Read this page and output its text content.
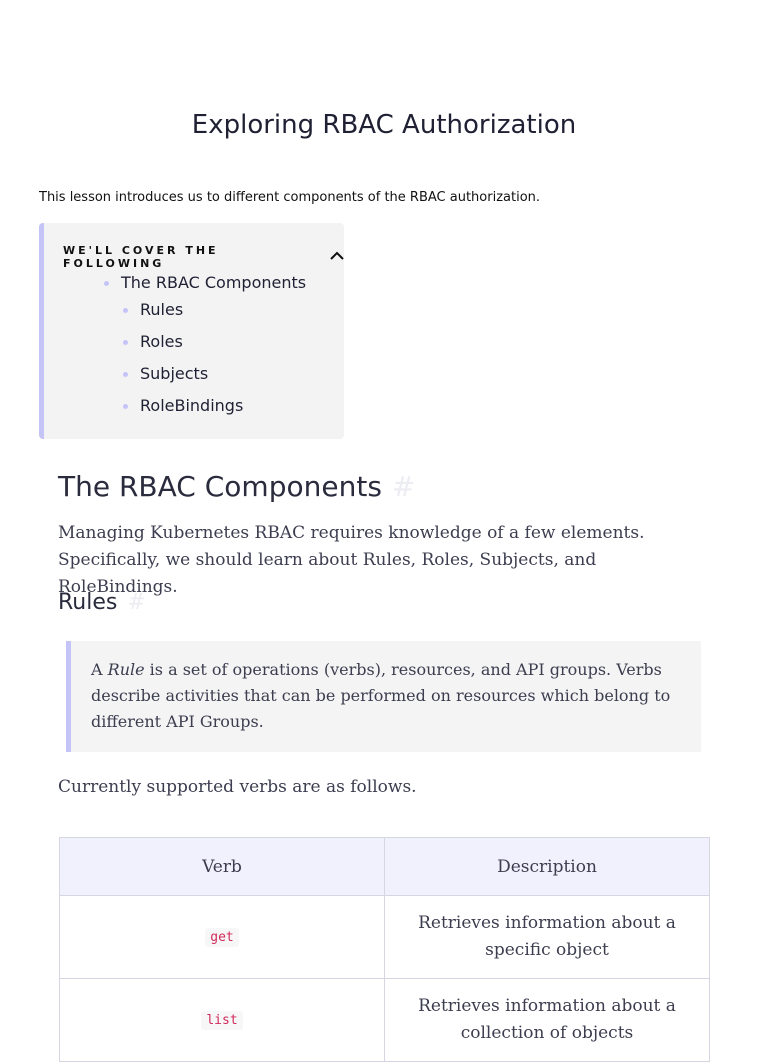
Exploring RBAC Authorization

This lesson introduces us to different components of the RBAC authorization.

WE'LL COVER THE FOLLOWING
The RBAC Components
Rules
Roles
Subjects
RoleBindings
The RBAC Components #

Managing Kubernetes RBAC requires knowledge of a few elements. Specifically, we should learn about Rules, Roles, Subjects, and RoleBindings.

Rules #
A Rule is a set of operations (verbs), resources, and API groups. Verbs describe activities that can be performed on resources which belong to different API Groups.

Currently supported verbs are as follows.

Verb	Description
get	Retrieves information about a specific object
list	Retrieves information about a collection of objects
